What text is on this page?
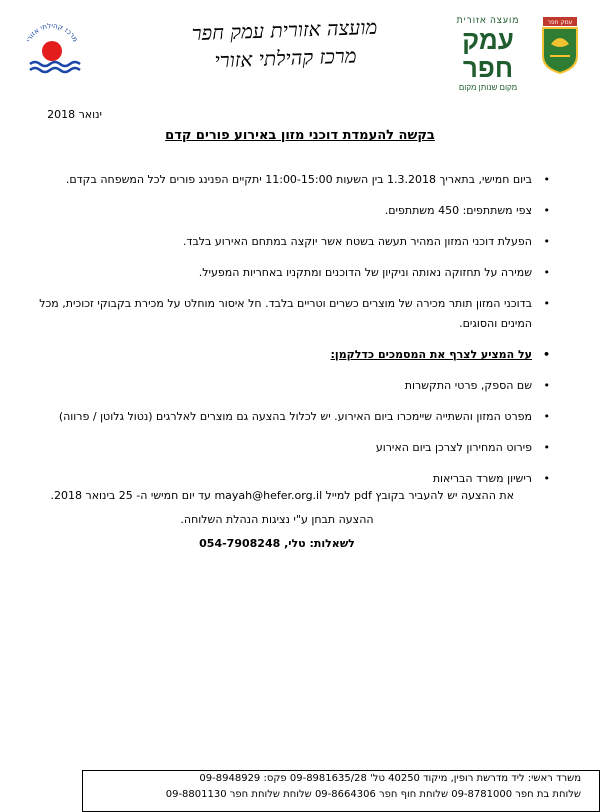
מרכז קהילתי אזורי	מועצה אזורית עמק חפר
מרכז קהילתי אזורי
מועצה אזורית
עמק חפר
מקום שנותן מקום
עמק חפר
ינואר 2018
בקשה להעמדת דוכני מזון באירוע פורים קדם
• ביום חמישי, בתאריך 1.3.2018 בין השעות 11:00-15:00 יתקיים הפנינג פורים לכל המשפחה בקדם.
• צפי משתתפים: 450 משתתפים.
• הפעלת דוכני המזון המהיר תעשה בשטח אשר יוקצה במתחם האירוע בלבד.
• שמירה על תחזוקה נאותה וניקיון של הדוכנים ומתקניו באחריות המפעיל.
• בדוכני המזון תותר מכירה של מוצרים כשרים וטריים בלבד. חל איסור מוחלט על מכירת בקבוקי זכוכית, מכל המינים והסוגים.
• על המציע לצרף את המסמכים כדלקמן:
• שם הספק, פרטי התקשרות
• מפרט המזון והשתייה שיימכרו ביום האירוע. יש לכלול בהצעה גם מוצרים לאלרגים (נטול גלוטן / פרווה)
• פירוט המחירון לצרכן ביום האירוע
• רישיון משרד הבריאות
את ההצעה יש להעביר בקובץ pdf למייל mayah@hefer.org.il עד יום חמישי ה- 25 בינואר 2018.
ההצעה תבחן ע"י נציגות הנהלת השלוחה.
לשאלות: טלי, 054-7908248
משרד ראשי: ליד מדרשת רופין, מיקוד 40250 טל' 09-8981635/28 פקס: 09-8948929
שלוחת בת חפר 09-8781000 שלוחת חוף חפר 09-8664306 שלוחת שלוחת חפר 09-8801130
